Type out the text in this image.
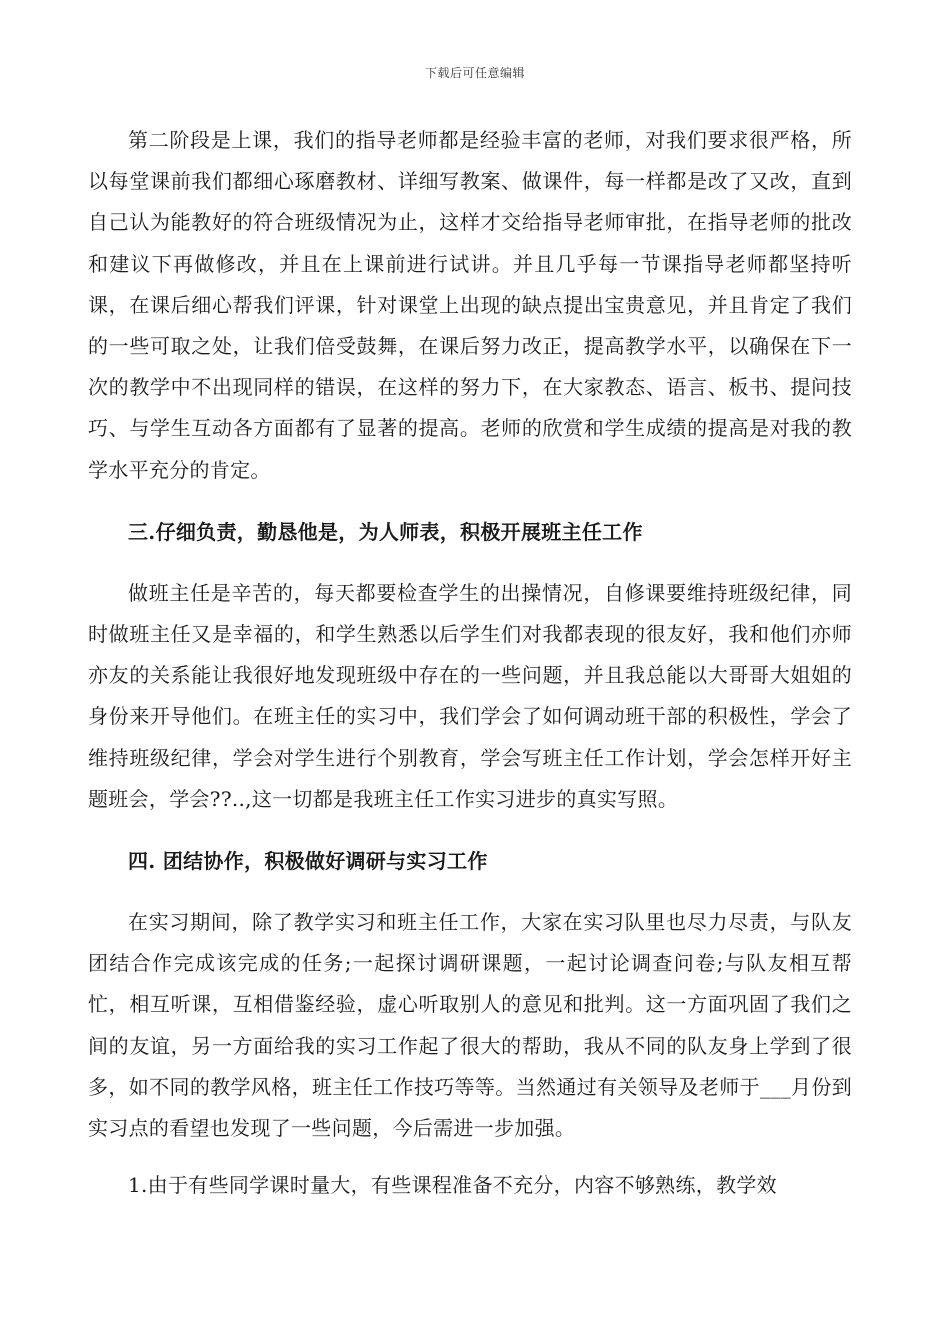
下载后可任意编辑

第二阶段是上课，我们的指导老师都是经验丰富的老师，对我们要求很严格，所以每堂课前我们都细心琢磨教材、详细写教案、做课件，每一样都是改了又改，直到自己认为能教好的符合班级情况为止，这样才交给指导老师审批，在指导老师的批改和建议下再做修改，并且在上课前进行试讲。并且几乎每一节课指导老师都坚持听课，在课后细心帮我们评课，针对课堂上出现的缺点提出宝贵意见，并且肯定了我们的一些可取之处，让我们倍受鼓舞，在课后努力改正，提高教学水平，以确保在下一次的教学中不出现同样的错误，在这样的努力下，在大家教态、语言、板书、提问技巧、与学生互动各方面都有了显著的提高。老师的欣赏和学生成绩的提高是对我的教学水平充分的肯定。

三.仔细负责，勤恳他是，为人师表，积极开展班主任工作

做班主任是辛苦的，每天都要检查学生的出操情况，自修课要维持班级纪律，同时做班主任又是幸福的，和学生熟悉以后学生们对我都表现的很友好，我和他们亦师亦友的关系能让我很好地发现班级中存在的一些问题，并且我总能以大哥哥大姐姐的身份来开导他们。在班主任的实习中，我们学会了如何调动班干部的积极性，学会了维持班级纪律，学会对学生进行个别教育，学会写班主任工作计划，学会怎样开好主题班会，学会??..,这一切都是我班主任工作实习进步的真实写照。

四. 团结协作，积极做好调研与实习工作

在实习期间，除了教学实习和班主任工作，大家在实习队里也尽力尽责，与队友团结合作完成该完成的任务;一起探讨调研课题，一起讨论调查问卷;与队友相互帮忙，相互听课，互相借鉴经验，虚心听取别人的意见和批判。这一方面巩固了我们之间的友谊，另一方面给我的实习工作起了很大的帮助，我从不同的队友身上学到了很多，如不同的教学风格，班主任工作技巧等等。当然通过有关领导及老师于___月份到实习点的看望也发现了一些问题，今后需进一步加强。

1.由于有些同学课时量大，有些课程准备不充分，内容不够熟练，教学效
